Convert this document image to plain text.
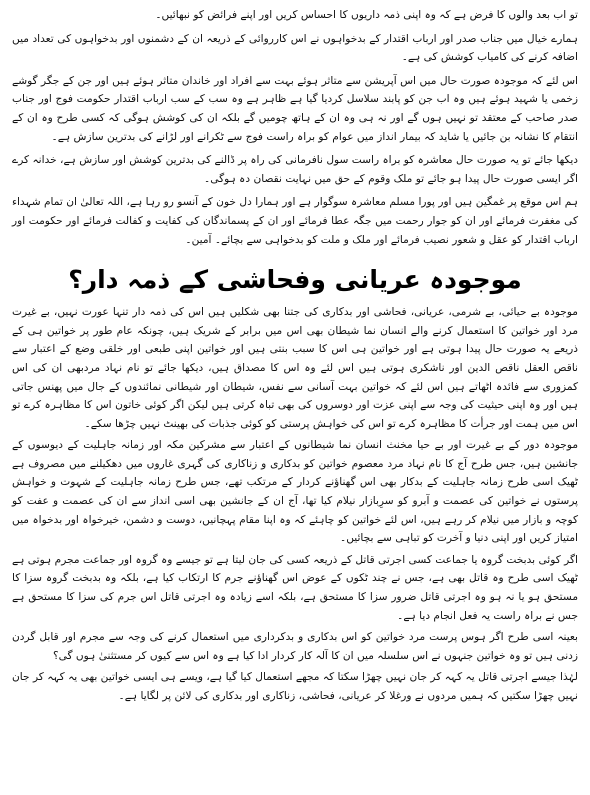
تو اب بعد والوں کا فرض ہے کہ وہ اپنی ذمہ داریوں کا احساس کریں اور اپنے فرائض کو نبھائیں۔

ہمارے خیال میں جناب صدر اور ارباب اقتدار کے بدخواہوں نے اس کارروائی کے ذریعہ ان کے دشمنوں اور بدخواہوں کی تعداد میں اضافہ کرنے کی کامیاب کوشش کی ہے۔

اس لئے کہ موجودہ صورت حال میں اس آپریشن سے متاثر ہوئے بہت سے افراد اور خاندان متاثر ہوئے ہیں اور جن کے جگر گوشے زخمی یا شہید ہوئے ہیں وہ اب جن کو پابند سلاسل کردیا گیا ہے ظاہر ہے وہ سب کے سب ارباب اقتدار حکومت فوج اور جناب صدر صاحب کے معتقد تو نہیں ہوں گے اور نہ ہی وہ ان کے ہاتھ چومیں گے بلکہ ان کی کوشش ہوگی کہ کسی طرح وہ ان کے انتقام کا نشانہ بن جائیں یا شاید کہ بیمار انداز میں عوام کو براہ راست فوج سے ٹکرانے اور لڑانے کی بدترین سازش ہے۔

دیکھا جائے تو یہ صورت حال معاشرہ کو براہ راست سول نافرمانی کی راہ پر ڈالنے کی بدترین کوشش اور سازش ہے، خدانہ کرے اگر ایسی صورت حال پیدا ہو جائے تو ملک وقوم کے حق میں نہایت نقصان دہ ہوگی۔

ہم اس موقع پر غمگین ہیں اور پورا مسلم معاشرہ سوگوار ہے اور ہمارا دل خون کے آنسو رو رہا ہے، اللہ تعالیٰ ان تمام شہداء کی مغفرت فرمائے اور ان کو جوار رحمت میں جگہ عطا فرمائے اور ان کے پسماندگان کی کفایت و کفالت فرمائے اور حکومت اور ارباب اقتدار کو عقل و شعور نصیب فرمائے اور ملک و ملت کو بدخواہی سے بچائے۔ آمین۔

موجودہ عریانی وفحاشی کے ذمہ دار؟

موجودہ بے حیائی، بے شرمی، عریانی، فحاشی اور بدکاری کی جتنا بھی شکلیں ہیں اس کی ذمہ دار تنہا عورت نہیں، بے غیرت مرد اور خواتین کا استعمال کرنے والے انسان نما شیطان بھی اس میں برابر کے شریک ہیں، چونکہ عام طور پر خواتین ہی کے ذریعے یہ صورت حال پیدا ہوتی ہے اور خواتین ہی اس کا سبب بنتی ہیں اور خواتین اپنی طبعی اور خلقی وضع کے اعتبار سے ناقص العقل ناقص الدین اور ناشکری ہوتی ہیں اس لئے وہ اس کا مصداق ہیں، دیکھا جائے تو نام نہاد مردبھی ان کی اس کمزوری سے فائدہ اٹھاتے ہیں اس لئے کہ خواتین بہت آسانی سے نفس، شیطان اور شیطانی نمائندوں کے جال میں پھنس جاتی ہیں اور وہ اپنی حیثیت کی وجہ سے اپنی عزت اور دوسروں کی بھی تباہ کرتی ہیں لیکن اگر کوئی خاتون اس کا مظاہرہ کرے تو اس میں ہمت اور جرأت کا مظاہرہ کرے تو اس کی خواہش پرستی کو کوئی جذبات کی بھینٹ نہیں چڑھا سکے۔

موجودہ دور کے بے غیرت اور بے حیا مخنث انسان نما شیطانوں کے اعتبار سے مشرکین مکہ اور زمانہ جاہلیت کے دیوسوں کے جانشین ہیں، جس طرح آج کا نام نہاد مرد معصوم خواتین کو بدکاری و زناکاری کی گہری غاروں میں دھکیلنے میں مصروف ہے ٹھیک اسی طرح زمانہ جاہلیت کے بدکار بھی اس گھناؤنے کردار کے مرتکب تھے، جس طرح زمانہ جاہلیت کے شہوت و خواہش پرستوں نے خواتین کی عصمت و آبرو کو سرِبازار نیلام کیا تھا، آج ان کے جانشین بھی اسی انداز سے ان کی عصمت و عفت کو کوچہ و بازار میں نیلام کر رہے ہیں، اس لئے خواتین کو چاہئے کہ وہ اپنا مقام پہچانیں، دوست و دشمن، خیرخواہ اور بدخواہ میں امتیاز کریں اور اپنی دنیا و آخرت کو تباہی سے بچائیں۔

اگر کوئی بدبخت گروہ یا جماعت کسی اجرتی قاتل کے ذریعہ کسی کی جان لیتا ہے تو جیسے وہ گروہ اور جماعت مجرم ہوتی ہے ٹھیک اسی طرح وہ قاتل بھی ہے، جس نے چند ٹکوں کے عوض اس گھناؤنے جرم کا ارتکاب کیا ہے، بلکہ وہ بدبخت گروہ سزا کا مستحق ہو یا نہ ہو وہ اجرتی قاتل ضرور سزا کا مستحق ہے، بلکہ اسے زیادہ وہ اجرتی قاتل اس جرم کی سزا کا مستحق ہے جس نے براہ راست یہ فعل انجام دیا ہے۔

بعینہ اسی طرح اگر ہوس پرست مرد خواتین کو اس بدکاری و بدکرداری میں استعمال کرنے کی وجہ سے مجرم اور قابل گردن زدنی ہیں تو وہ خواتین جنہوں نے اس سلسلہ میں ان کا آلہ کار کردار ادا کیا ہے وہ اس سے کیوں کر مستثنیٰ ہوں گی؟

لہٰذا جیسے اجرتی قاتل یہ کہہ کر جان نہیں چھڑا سکتا کہ مجھے استعمال کیا گیا ہے، ویسے ہی ایسی خواتین بھی یہ کہہ کر جان نہیں چھڑا سکتیں کہ ہمیں مردوں نے ورغلا کر عریانی، فحاشی، زناکاری اور بدکاری کی لائن پر لگایا ہے۔
